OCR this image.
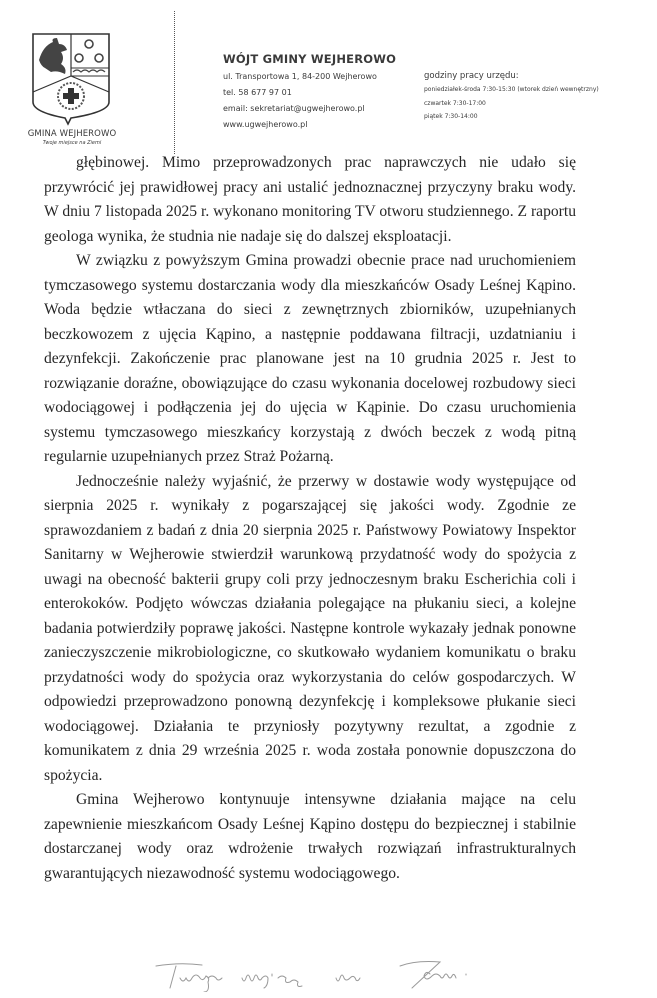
GMINA WEJHEROWO
Twoje miejsce na Ziemi
WÓJT GMINY WEJHEROWO
ul. Transportowa 1, 84-200 Wejherowo
tel. 58 677 97 01
email: sekretariat@ugwejherowo.pl
www.ugwejherowo.pl
godziny pracy urzędu:
poniedziałek-środa 7:30-15:30 (wtorek dzień wewnętrzny)
czwartek 7:30-17:00
piątek 7:30-14:00

głębinowej. Mimo przeprowadzonych prac naprawczych nie udało się przywrócić jej prawidłowej pracy ani ustalić jednoznacznej przyczyny braku wody. W dniu 7 listopada 2025 r. wykonano monitoring TV otworu studziennego. Z raportu geologa wynika, że studnia nie nadaje się do dalszej eksploatacji.

W związku z powyższym Gmina prowadzi obecnie prace nad uruchomieniem tymczasowego systemu dostarczania wody dla mieszkańców Osady Leśnej Kąpino. Woda będzie wtłaczana do sieci z zewnętrznych zbiorników, uzupełnianych beczkowozem z ujęcia Kąpino, a następnie poddawana filtracji, uzdatnianiu i dezynfekcji. Zakończenie prac planowane jest na 10 grudnia 2025 r. Jest to rozwiązanie doraźne, obowiązujące do czasu wykonania docelowej rozbudowy sieci wodociągowej i podłączenia jej do ujęcia w Kąpinie. Do czasu uruchomienia systemu tymczasowego mieszkańcy korzystają z dwóch beczek z wodą pitną regularnie uzupełnianych przez Straż Pożarną.

Jednocześnie należy wyjaśnić, że przerwy w dostawie wody występujące od sierpnia 2025 r. wynikały z pogarszającej się jakości wody. Zgodnie ze sprawozdaniem z badań z dnia 20 sierpnia 2025 r. Państwowy Powiatowy Inspektor Sanitarny w Wejherowie stwierdził warunkową przydatność wody do spożycia z uwagi na obecność bakterii grupy coli przy jednoczesnym braku Escherichia coli i enterokoków. Podjęto wówczas działania polegające na płukaniu sieci, a kolejne badania potwierdziły poprawę jakości. Następne kontrole wykazały jednak ponowne zanieczyszczenie mikrobiologiczne, co skutkowało wydaniem komunikatu o braku przydatności wody do spożycia oraz wykorzystania do celów gospodarczych. W odpowiedzi przeprowadzono ponowną dezynfekcję i kompleksowe płukanie sieci wodociągowej. Działania te przyniosły pozytywny rezultat, a zgodnie z komunikatem z dnia 29 września 2025 r. woda została ponownie dopuszczona do spożycia.

Gmina Wejherowo kontynuuje intensywne działania mające na celu zapewnienie mieszkańcom Osady Leśnej Kąpino dostępu do bezpiecznej i stabilnie dostarczanej wody oraz wdrożenie trwałych rozwiązań infrastrukturalnych gwarantujących niezawodność systemu wodociągowego.
